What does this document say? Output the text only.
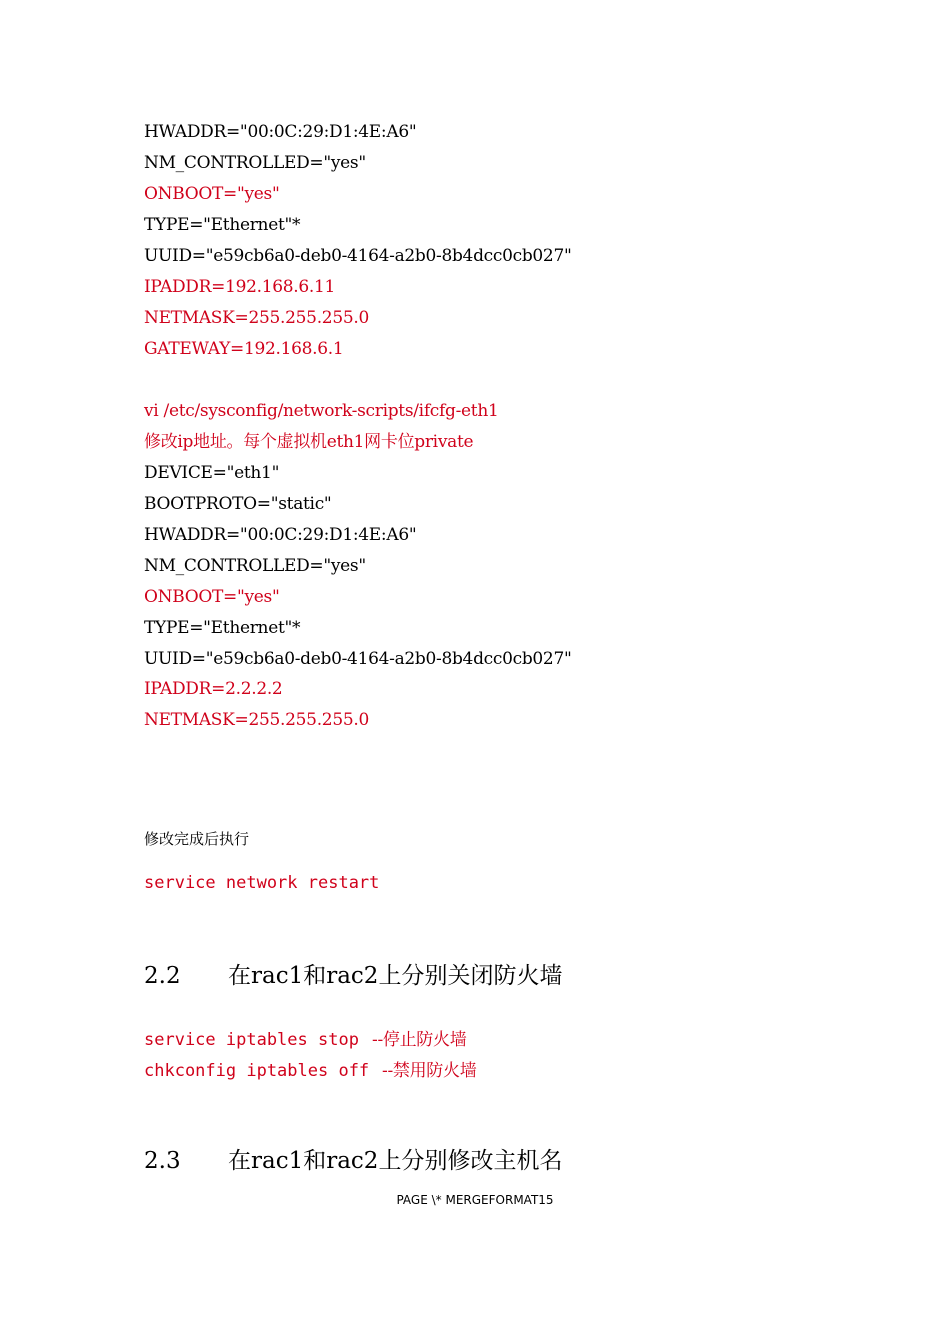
HWADDR="00:0C:29:D1:4E:A6"
NM_CONTROLLED="yes"
ONBOOT="yes"
TYPE="Ethernet"*
UUID="e59cb6a0-deb0-4164-a2b0-8b4dcc0cb027"
IPADDR=192.168.6.11
NETMASK=255.255.255.0
GATEWAY=192.168.6.1
vi /etc/sysconfig/network-scripts/ifcfg-eth1
修改ip地址。每个虚拟机eth1网卡位private
DEVICE="eth1"
BOOTPROTO="static"
HWADDR="00:0C:29:D1:4E:A6"
NM_CONTROLLED="yes"
ONBOOT="yes"
TYPE="Ethernet"*
UUID="e59cb6a0-deb0-4164-a2b0-8b4dcc0cb027"
IPADDR=2.2.2.2
NETMASK=255.255.255.0
修改完成后执行
service network restart
2.2 在rac1和rac2上分别关闭防火墙
service iptables stop --停止防火墙
chkconfig iptables off --禁用防火墙
2.3 在rac1和rac2上分别修改主机名
PAGE \* MERGEFORMAT15
